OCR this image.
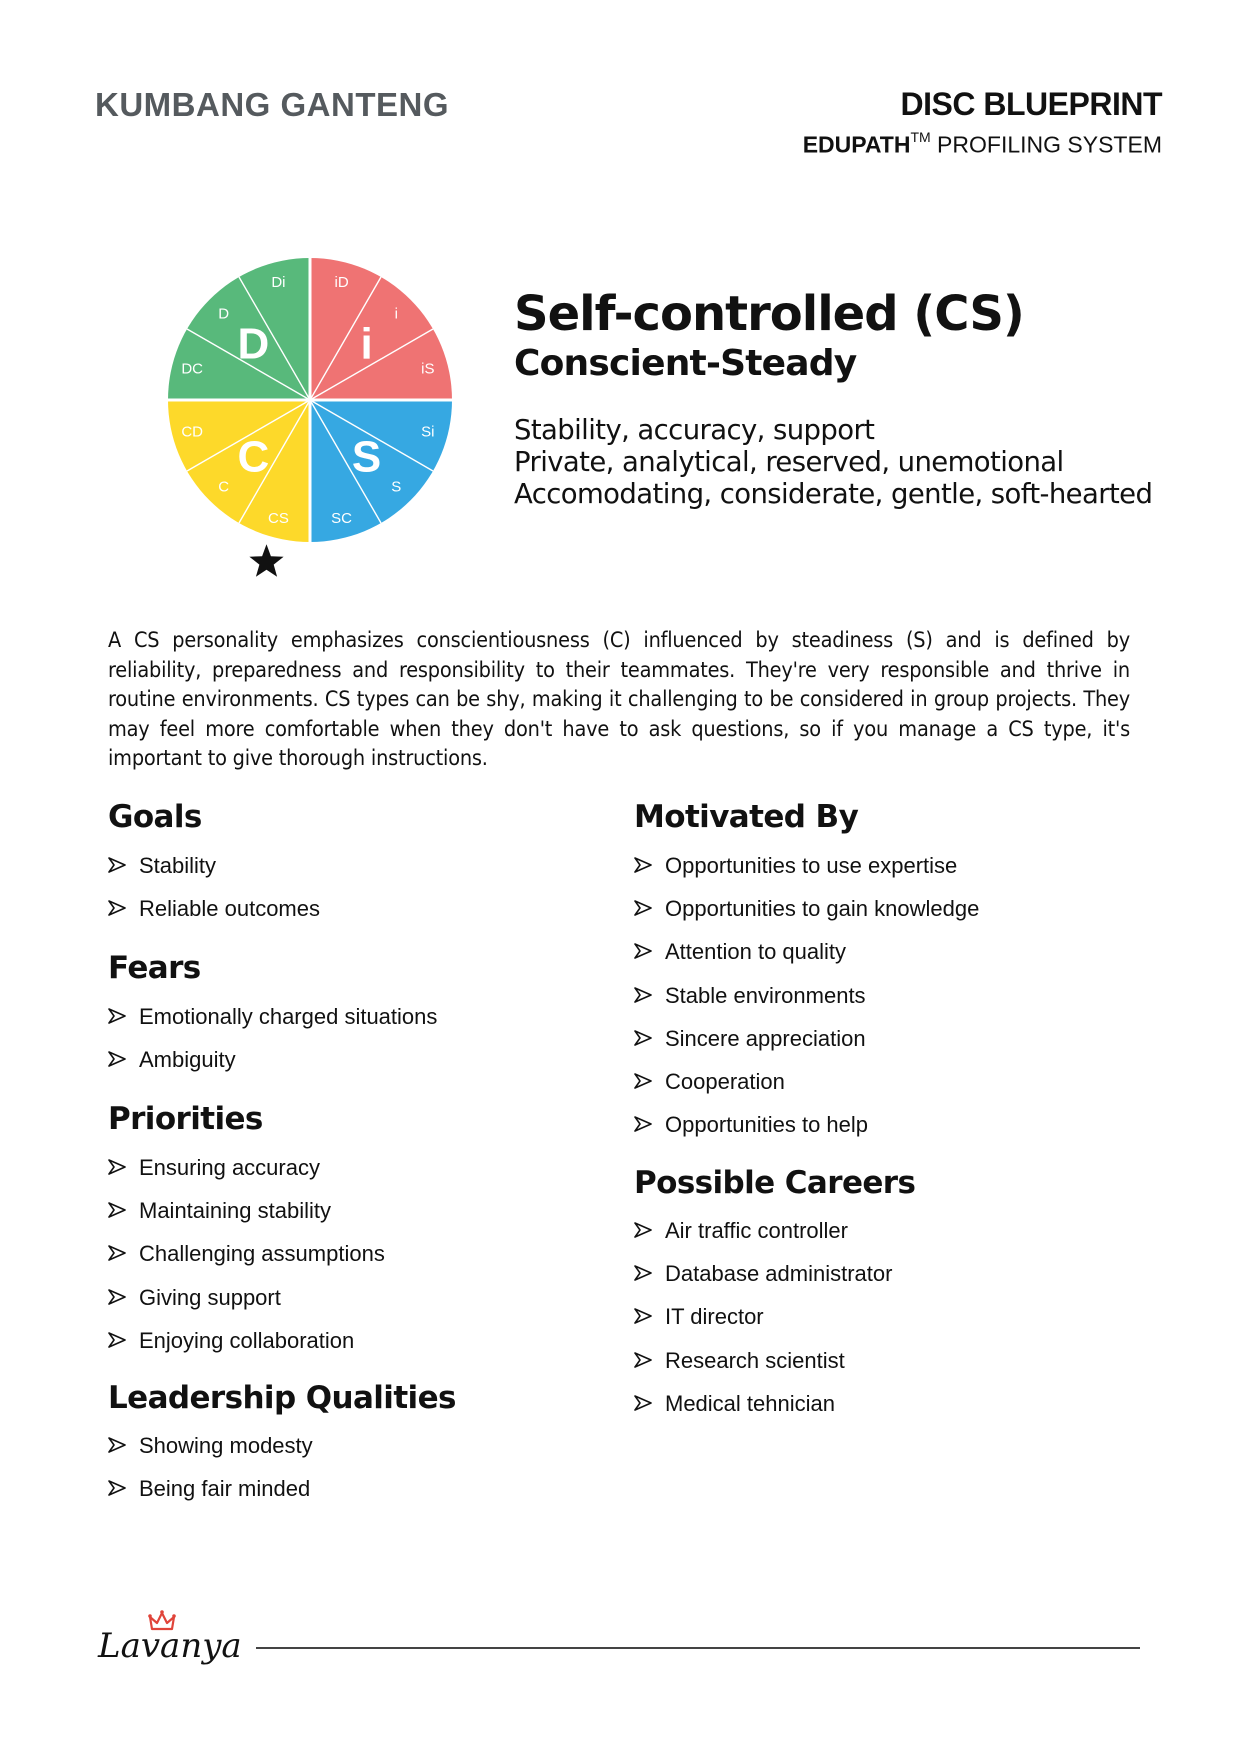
KUMBANG GANTENG	DISC BLUEPRINT
EDUPATH™ PROFILING SYSTEM
iD
i
iS
Si
S
SC
CS
C
CD
DC
D
Di
D i
S
C
Self-controlled (CS)
Conscient-Steady
Stability, accuracy, support
Private, analytical, reserved, unemotional
Accomodating, considerate, gentle, soft-hearted
A CS personality emphasizes conscientiousness (C) influenced by steadiness (S) and is defined by reliability, preparedness and responsibility to their teammates. They're very responsible and thrive in routine environments. CS types can be shy, making it challenging to be considered in group projects. They may feel more comfortable when they don't have to ask questions, so if you manage a CS type, it's important to give thorough instructions.
Goals
Stability
Reliable outcomes
Fears
Emotionally charged situations
Ambiguity
Priorities
Ensuring accuracy
Maintaining stability
Challenging assumptions
Giving support
Enjoying collaboration
Leadership Qualities
Showing modesty
Being fair minded
Motivated By
Opportunities to use expertise
Opportunities to gain knowledge
Attention to quality
Stable environments
Sincere appreciation
Cooperation
Opportunities to help
Possible Careers
Air traffic controller
Database administrator
IT director
Research scientist
Medical tehnician
Lavanya
